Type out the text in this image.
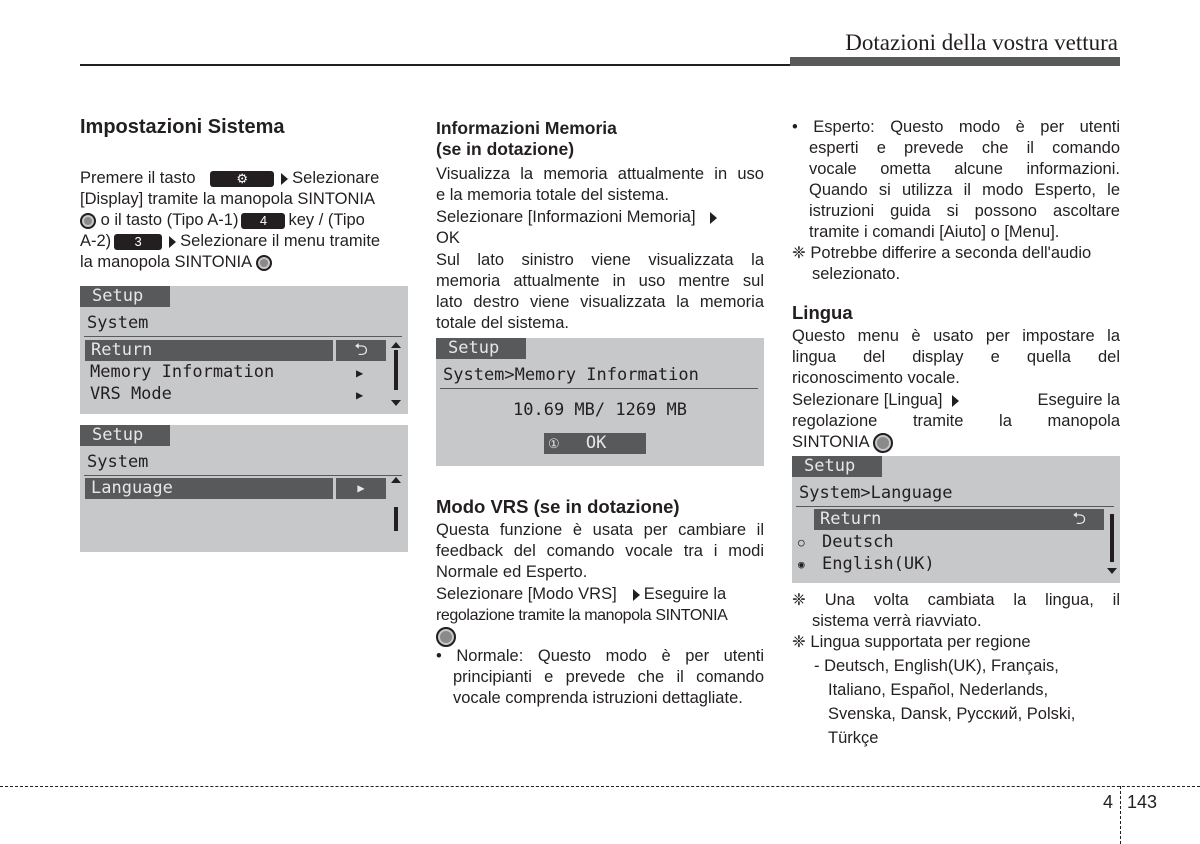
Dotazioni della vostra vettura
Impostazioni Sistema
Premere il tasto	⚙	Selezionare
[Display] tramite la manopola SINTONIA
o il tasto (Tipo A-1) 4 key / (Tipo
A-2) 3 Selezionare il menu tramite
la manopola SINTONIA
Setup
System
Return	⮌
Memory Information	▶
VRS Mode	▶
Setup
System
Language	▶
Informazioni Memoria
(se in dotazione)
Visualizza la memoria attualmente in uso
e la memoria totale del sistema.
Selezionare [Informazioni Memoria]
OK
Sul lato sinistro viene visualizzata la
memoria attualmente in uso mentre sul
lato destro viene visualizzata la memoria
totale del sistema.
Setup
System>Memory Information
10.69 MB/ 1269 MB
① OK
Modo VRS (se in dotazione)
Questa funzione è usata per cambiare il
feedback del comando vocale tra i modi
Normale ed Esperto.
Selezionare [Modo VRS] Eseguire la
regolazione tramite la manopola SINTONIA
• Normale: Questo modo è per utenti
principianti e prevede che il comando
vocale comprenda istruzioni dettagliate.
• Esperto: Questo modo è per utenti
esperti e prevede che il comando
vocale ometta alcune informazioni.
Quando si utilizza il modo Esperto, le
istruzioni guida si possono ascoltare
tramite i comandi [Aiuto] o [Menu].
❈ Potrebbe differire a seconda dell'audio
selezionato.
Lingua
Questo menu è usato per impostare la
lingua del display e quella del
riconoscimento vocale.
Selezionare [Lingua]	Eseguire la
regolazione tramite la manopola
SINTONIA
Setup
System>Language
Return	⮌
○ Deutsch
◉ English(UK)
❈ Una volta cambiata la lingua, il
sistema verrà riavviato.
❈ Lingua supportata per regione
- Deutsch, English(UK), Français,
Italiano, Español, Nederlands,
Svenska, Dansk, Русский, Polski,
Türkçe
4 143
